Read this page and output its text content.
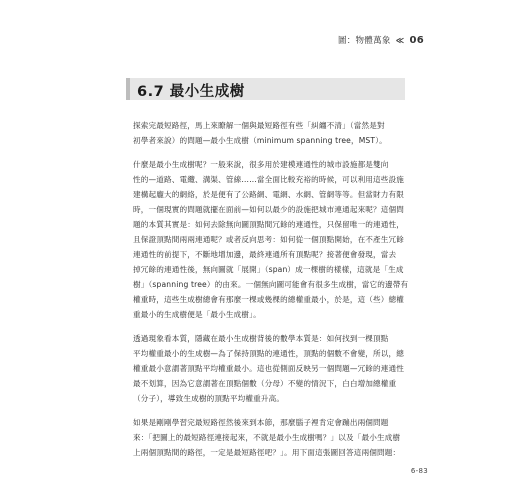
圖：物體萬象 ≪ 06
6.7 最小生成樹
探索完最短路徑，馬上來瞭解一個與最短路徑有些「糾纏不清」（當然是對
初學者來說）的問題—最小生成樹（minimum spanning tree，MST）。
什麼是最小生成樹呢？一般來說，很多用於建模連通性的城市設施都是雙向
性的—道路、電纜、溝渠、管線……當全面比較充裕的時候，可以利用這些設施
建構起龐大的網絡，於是便有了公路網、電網、水網、管網等等。但當財力有限
時，一個現實的問題就擺在面前—如何以最少的設施把城市連通起來呢？這個問
題的本質其實是：如何去除無向圖頂點間冗餘的連通性，只保留唯一的連通性，
且保證頂點間兩兩連通呢？或者反向思考：如何從一個頂點開始，在不產生冗餘
連通性的前提下，不斷地增加邊，最終連通所有頂點呢？接著便會發現，當去
掉冗餘的連通性後，無向圖就「展開」（span）成一棵樹的樣樣，這就是「生成
樹」（spanning tree）的由來。一個無向圖可能會有很多生成樹，當它的邊帶有
權重時，這些生成樹總會有那麼一棵或幾棵的總權重最小，於是，這（些）總權
重最小的生成樹便是「最小生成樹」。
透過現象看本質，隱藏在最小生成樹背後的數學本質是：如何找到一棵頂點
平均權重最小的生成樹—為了保持頂點的連通性，頂點的個數不會變，所以，總
權重最小意謂著頂點平均權重最小。這也從側面反映另一個問題—冗餘的連通性
最不划算，因為它意謂著在頂點個數（分母）不變的情況下，白白增加總權重
（分子），導致生成樹的頂點平均權重升高。
如果是剛剛學習完最短路徑然後來到本節，那麼腦子裡肯定會蹦出兩個問題
來：「把圖上的最短路徑連接起來，不就是最小生成樹嗎？」以及「最小生成樹
上兩個頂點間的路徑，一定是最短路徑吧？」。用下面這張圖回答這兩個問題：
6-83
